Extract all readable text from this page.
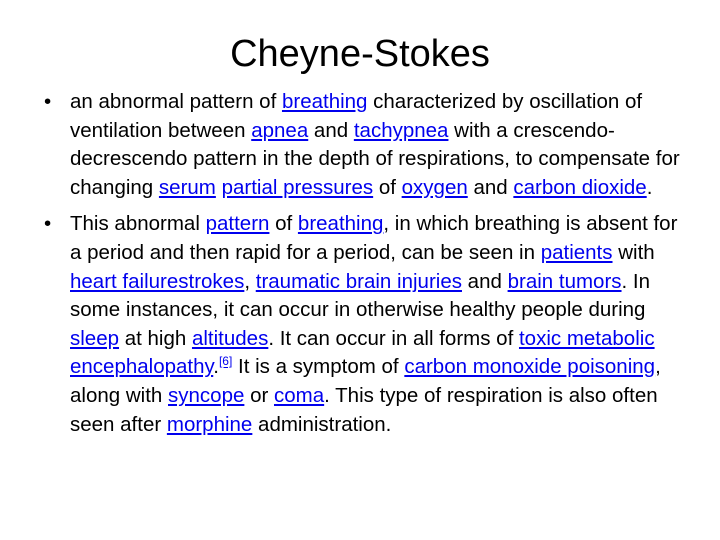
Cheyne-Stokes
• an abnormal pattern of breathing characterized by oscillation of ventilation between apnea and tachypnea with a crescendo-decrescendo pattern in the depth of respirations, to compensate for changing serum partial pressures of oxygen and carbon dioxide.
• This abnormal pattern of breathing, in which breathing is absent for a period and then rapid for a period, can be seen in patients with heart failurestrokes, traumatic brain injuries and brain tumors. In some instances, it can occur in otherwise healthy people during sleep at high altitudes. It can occur in all forms of toxic metabolic encephalopathy.[6] It is a symptom of carbon monoxide poisoning, along with syncope or coma. This type of respiration is also often seen after morphine administration.
